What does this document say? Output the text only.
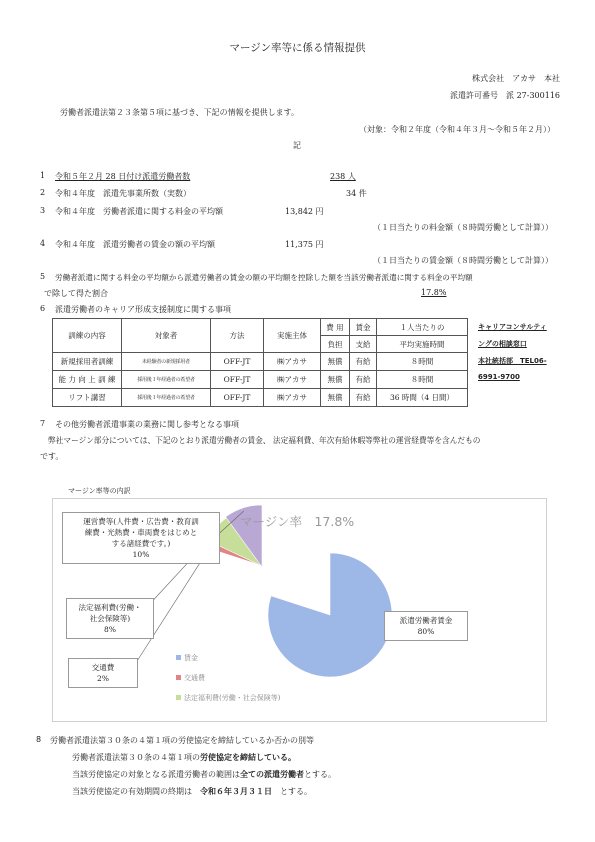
マージン率等に係る情報提供
株式会社　アカサ　本社
派遣許可番号　派 27-300116
労働者派遣法第２３条第５項に基づき、下記の情報を提供します。
（対象：令和２年度（令和４年３月～令和５年２月））
記
1 令和５年２月 28 日付け派遣労働者数	238 人
2 令和４年度　派遣先事業所数（実数）	34 件
3 令和４年度　労働者派遣に関する料金の平均額	13,842 円
（１日当たりの料金額（８時間労働として計算））
4 令和４年度　派遣労働者の賃金の額の平均額	11,375 円
（１日当たりの賃金額（８時間労働として計算））
5 労働者派遣に関する料金の平均額から派遣労働者の賃金の額の平均額を控除した額を当該労働者派遣に関する料金の平均額
で除して得た割合	17.8%
6 派遣労働者のキャリア形成支援制度に関する事項
訓練の内容	対象者	方法	実施主体	費 用	賃金	１人当たりの
				負担	支給	平均実施時間
新規採用者訓練	未経験者の新規採用者	OFF-JT	㈱アカサ	無償	有給	８時間
能 力 向 上 訓 練	採用後１年経過者の希望者	OFF-JT	㈱アカサ	無償	有給	８時間
リフト講習	採用後１年経過者の希望者	OFF-JT	㈱アカサ	無償	有給	36 時間（4 日間）
キャリアコンサルティ
ングの相談窓口
本社統括部　TEL06-
6991-9700
7 その他労働者派遣事業の業務に関し参考となる事項
弊社マージン部分については、下記のとおり派遣労働者の賃金、 法定福利費、年次有給休暇等弊社の運営経費等を含んだもの
です。
マージン率等の内訳
マージン率　17.8%
賃金
交通費
法定福利費(労働・社会保険等)
運営費等(人件費・広告費・教育訓
練費・光熱費・車両費をはじめと
する諸経費です。)
10%
法定福利費(労働・
社会保険等)
8%
交通費
2%
派遣労働者賃金
80%
8 労働者派遣法第３０条の４第１項の労使協定を締結しているか否かの別等
労働者派遣法第３０条の４第１項の労使協定を締結している。
当該労使協定の対象となる派遣労働者の範囲は全ての派遣労働者とする。
当該労使協定の有効期間の終期は　令和６年３月３１日　とする。
